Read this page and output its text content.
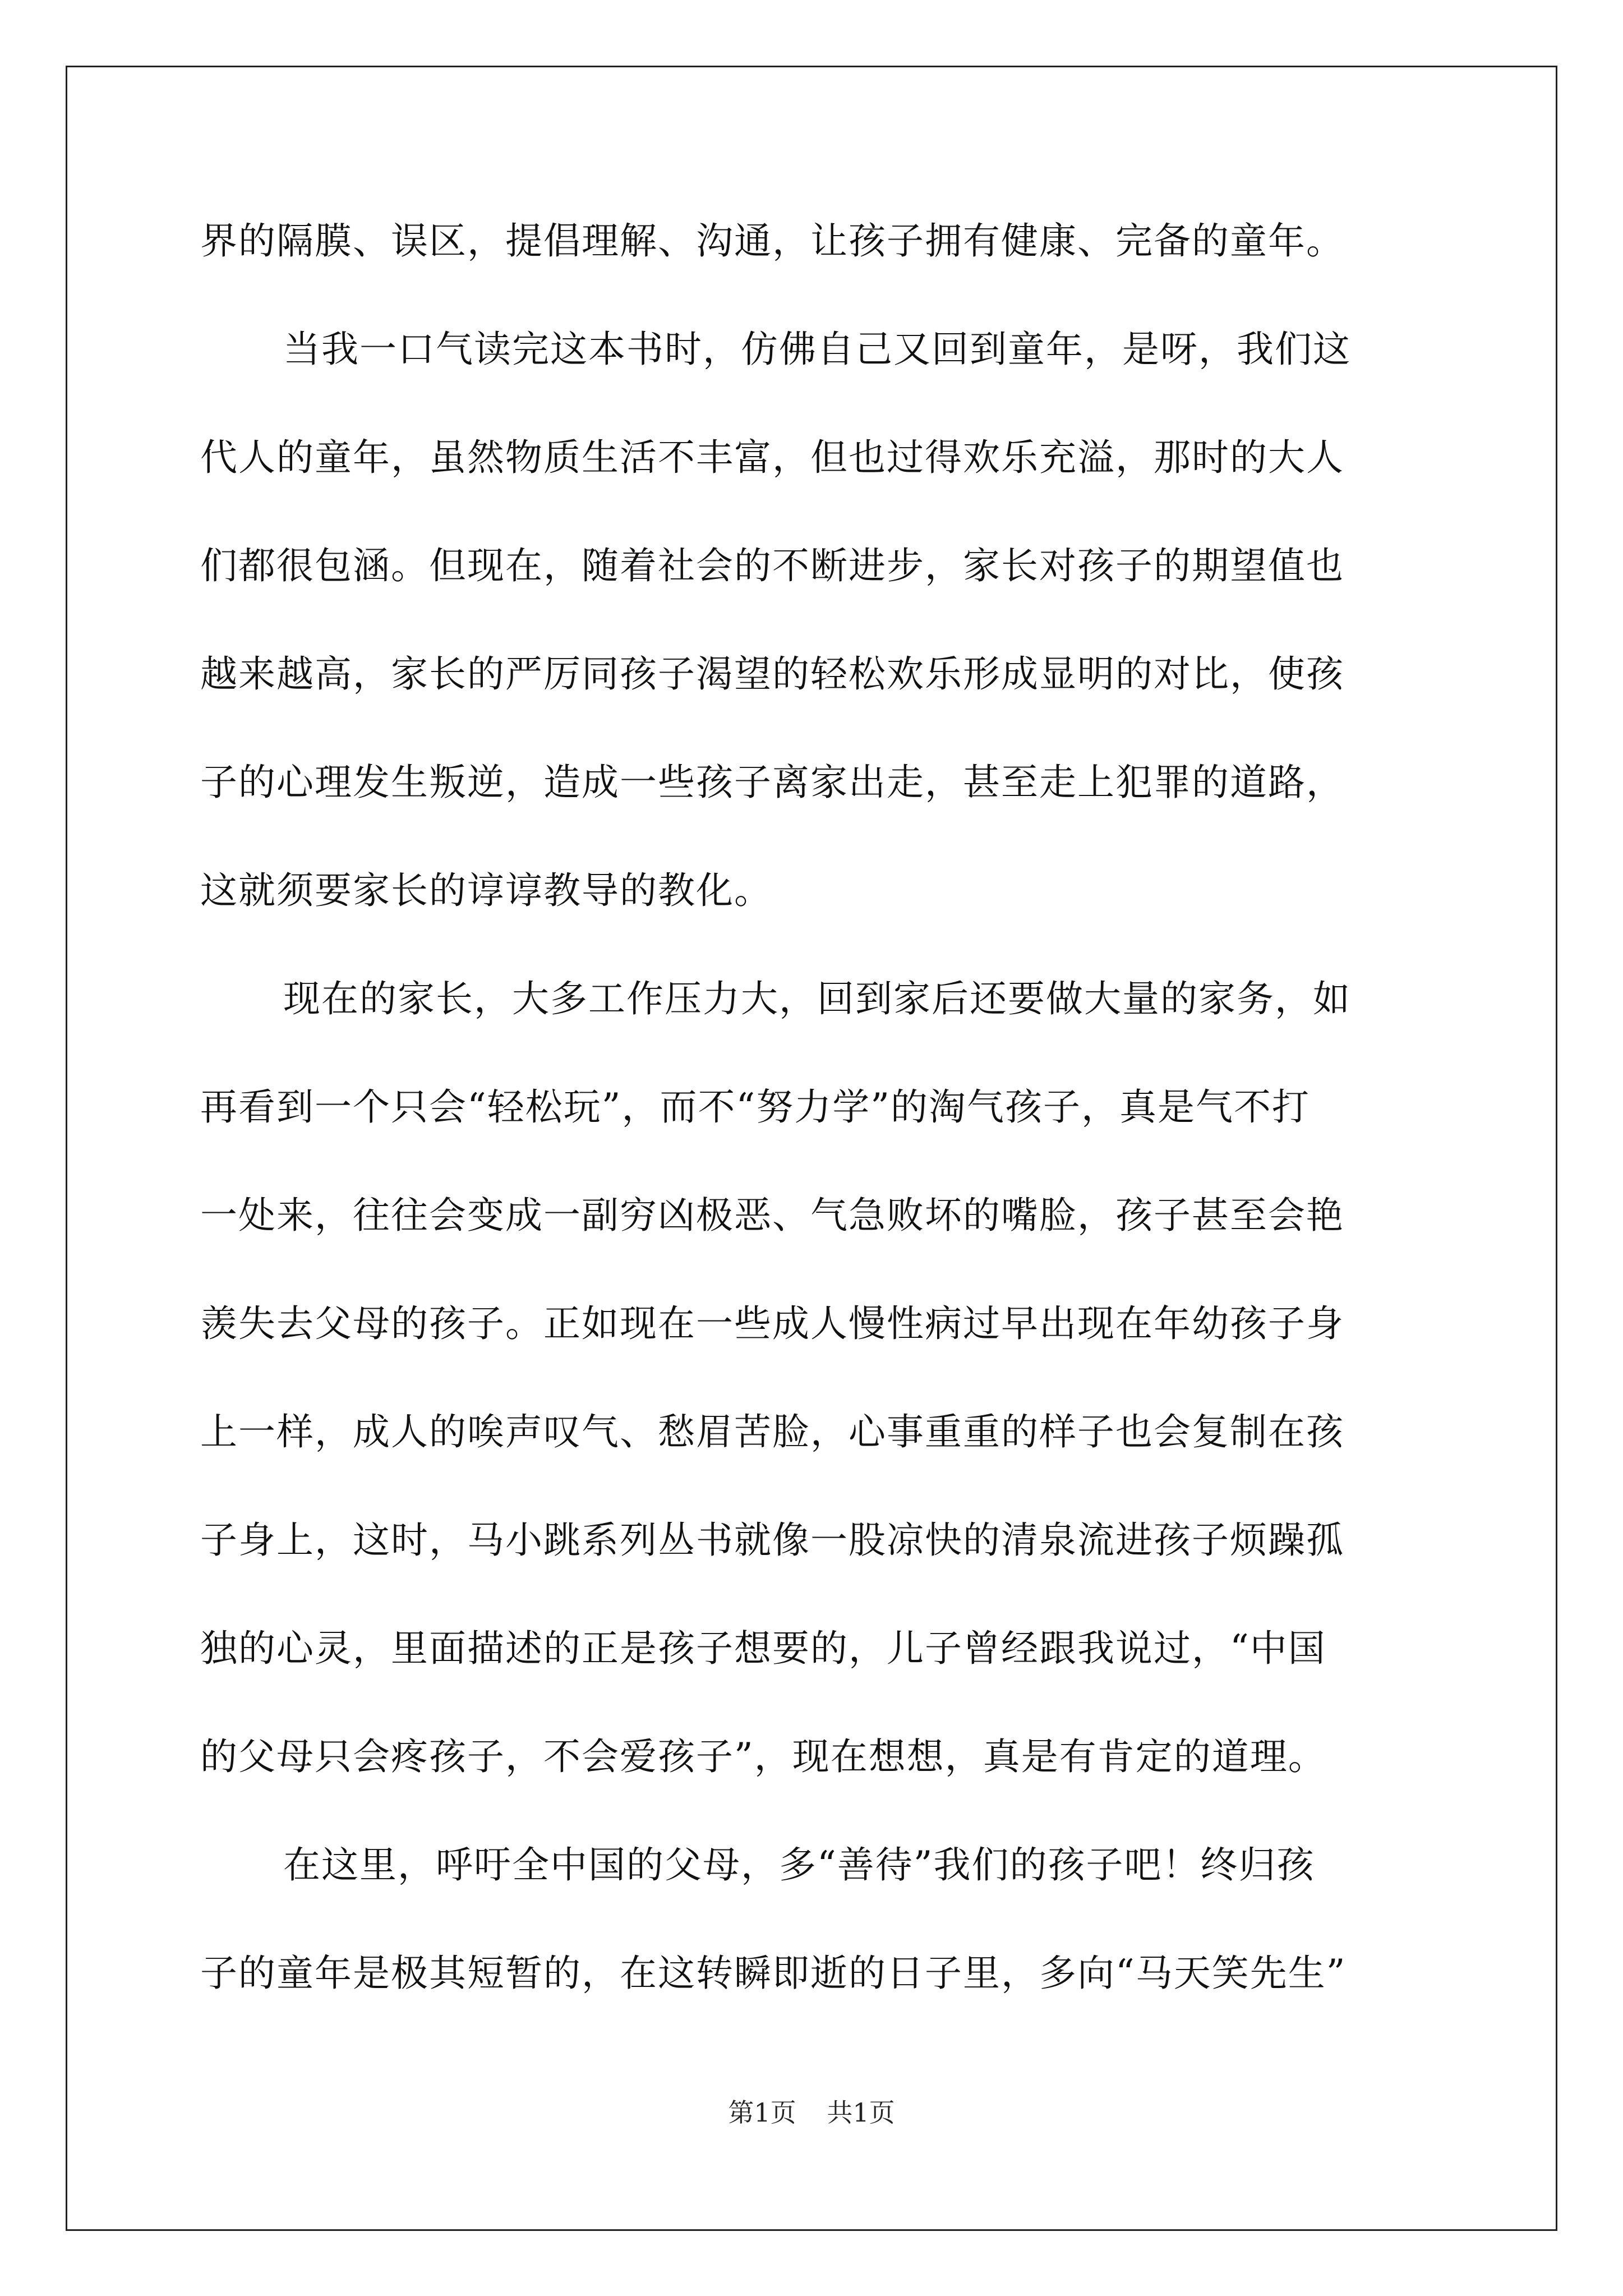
界的隔膜、误区，提倡理解、沟通，让孩子拥有健康、完备的童年。
当我一口气读完这本书时，仿佛自己又回到童年，是呀，我们这
代人的童年，虽然物质生活不丰富，但也过得欢乐充溢，那时的大人
们都很包涵。但现在，随着社会的不断进步，家长对孩子的期望值也
越来越高，家长的严厉同孩子渴望的轻松欢乐形成显明的对比，使孩
子的心理发生叛逆，造成一些孩子离家出走，甚至走上犯罪的道路，
这就须要家长的谆谆教导的教化。
现在的家长，大多工作压力大，回到家后还要做大量的家务，如
再看到一个只会“轻松玩”，而不“努力学”的淘气孩子，真是气不打
一处来，往往会变成一副穷凶极恶、气急败坏的嘴脸，孩子甚至会艳
羡失去父母的孩子。正如现在一些成人慢性病过早出现在年幼孩子身
上一样，成人的唉声叹气、愁眉苦脸，心事重重的样子也会复制在孩
子身上，这时，马小跳系列丛书就像一股凉快的清泉流进孩子烦躁孤
独的心灵，里面描述的正是孩子想要的，儿子曾经跟我说过，“中国
的父母只会疼孩子，不会爱孩子”，现在想想，真是有肯定的道理。
在这里，呼吁全中国的父母，多“善待”我们的孩子吧！终归孩
子的童年是极其短暂的，在这转瞬即逝的日子里，多向“马天笑先生”
第1页 共1页
